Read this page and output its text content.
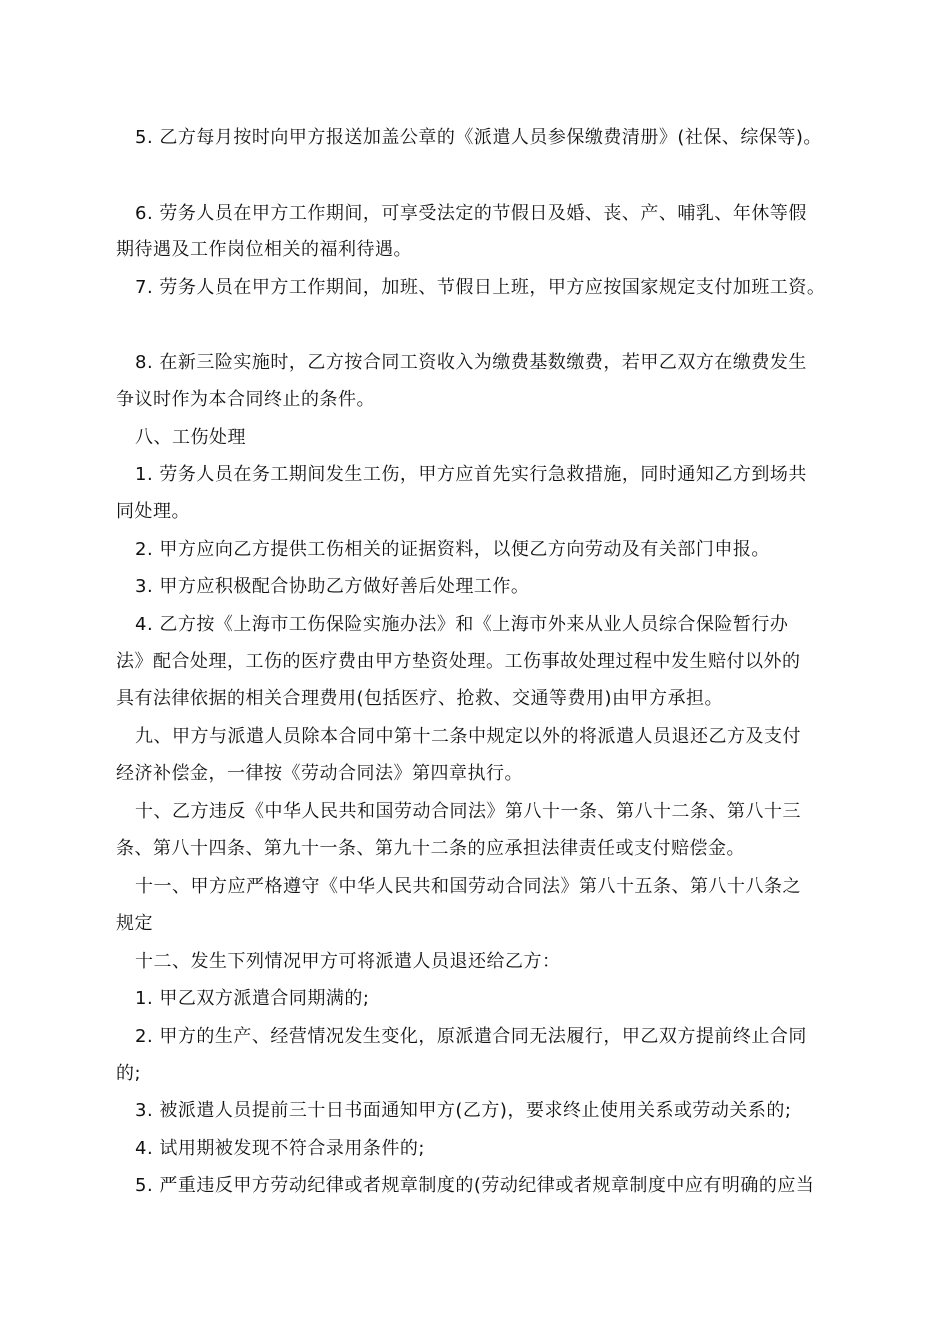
5. 乙方每月按时向甲方报送加盖公章的《派遣人员参保缴费清册》(社保、综保等)。
6. 劳务人员在甲方工作期间，可享受法定的节假日及婚、丧、产、哺乳、年休等假
期待遇及工作岗位相关的福利待遇。
7. 劳务人员在甲方工作期间，加班、节假日上班，甲方应按国家规定支付加班工资。
8. 在新三险实施时，乙方按合同工资收入为缴费基数缴费，若甲乙双方在缴费发生
争议时作为本合同终止的条件。
八、工伤处理
1. 劳务人员在务工期间发生工伤，甲方应首先实行急救措施，同时通知乙方到场共
同处理。
2. 甲方应向乙方提供工伤相关的证据资料，以便乙方向劳动及有关部门申报。
3. 甲方应积极配合协助乙方做好善后处理工作。
4. 乙方按《上海市工伤保险实施办法》和《上海市外来从业人员综合保险暂行办
法》配合处理，工伤的医疗费由甲方垫资处理。工伤事故处理过程中发生赔付以外的
具有法律依据的相关合理费用(包括医疗、抢救、交通等费用)由甲方承担。
九、甲方与派遣人员除本合同中第十二条中规定以外的将派遣人员退还乙方及支付
经济补偿金，一律按《劳动合同法》第四章执行。
十、乙方违反《中华人民共和国劳动合同法》第八十一条、第八十二条、第八十三
条、第八十四条、第九十一条、第九十二条的应承担法律责任或支付赔偿金。
十一、甲方应严格遵守《中华人民共和国劳动合同法》第八十五条、第八十八条之
规定
十二、发生下列情况甲方可将派遣人员退还给乙方：
1. 甲乙双方派遣合同期满的;
2. 甲方的生产、经营情况发生变化，原派遣合同无法履行，甲乙双方提前终止合同
的;
3. 被派遣人员提前三十日书面通知甲方(乙方)，要求终止使用关系或劳动关系的;
4. 试用期被发现不符合录用条件的;
5. 严重违反甲方劳动纪律或者规章制度的(劳动纪律或者规章制度中应有明确的应当
